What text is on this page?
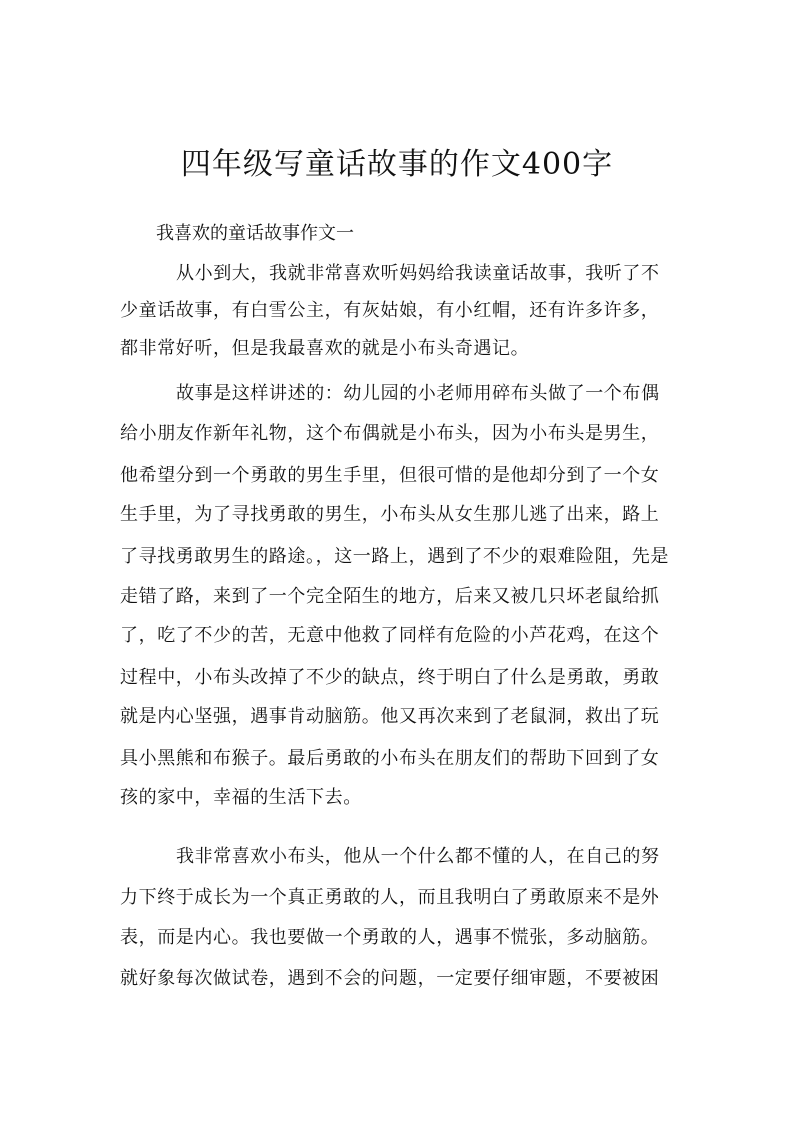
四年级写童话故事的作文400字
我喜欢的童话故事作文一
从小到大，我就非常喜欢听妈妈给我读童话故事，我听了不
少童话故事，有白雪公主，有灰姑娘，有小红帽，还有许多许多，
都非常好听，但是我最喜欢的就是小布头奇遇记。
故事是这样讲述的：幼儿园的小老师用碎布头做了一个布偶
给小朋友作新年礼物，这个布偶就是小布头，因为小布头是男生，
他希望分到一个勇敢的男生手里，但很可惜的是他却分到了一个女
生手里，为了寻找勇敢的男生，小布头从女生那儿逃了出来，路上
了寻找勇敢男生的路途。，这一路上，遇到了不少的艰难险阻，先是
走错了路，来到了一个完全陌生的地方，后来又被几只坏老鼠给抓
了，吃了不少的苦，无意中他救了同样有危险的小芦花鸡，在这个
过程中，小布头改掉了不少的缺点，终于明白了什么是勇敢，勇敢
就是内心坚强，遇事肯动脑筋。他又再次来到了老鼠洞，救出了玩
具小黑熊和布猴子。最后勇敢的小布头在朋友们的帮助下回到了女
孩的家中，幸福的生活下去。
我非常喜欢小布头，他从一个什么都不懂的人，在自己的努
力下终于成长为一个真正勇敢的人，而且我明白了勇敢原来不是外
表，而是内心。我也要做一个勇敢的人，遇事不慌张，多动脑筋。
就好象每次做试卷，遇到不会的问题，一定要仔细审题，不要被困
